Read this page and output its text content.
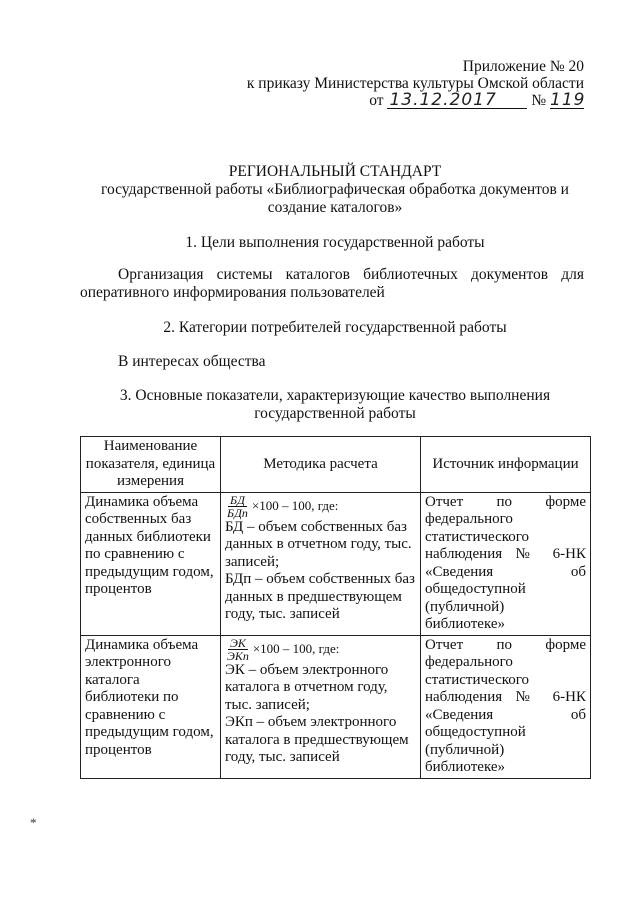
Приложение № 20
к приказу Министерства культуры Омской области
от 13.12.2017 № 119
РЕГИОНАЛЬНЫЙ СТАНДАРТ
государственной работы «Библиографическая обработка документов и
создание каталогов»
1. Цели выполнения государственной работы
Организация системы каталогов библиотечных документов для
оперативного информирования пользователей
2. Категории потребителей государственной работы
В интересах общества
3. Основные показатели, характеризующие качество выполнения
государственной работы
Наименование показателя, единица измерения	Методика расчета	Источник информации
Динамика объема собственных баз данных библиотеки по сравнению с предыдущим годом, процентов	$\frac{БД}{\text{БДп}} \times 100 - 100$, где:
БД – объем собственных баз данных в отчетном году, тыс. записей;
БДп – объем собственных баз данных в предшествующем году, тыс. записей	Отчет по форме федерального статистического наблюдения № 6-НК «Сведения об общедоступной (публичной) библиотеке»
Динамика объема электронного каталога библиотеки по сравнению с предыдущим годом, процентов	$\frac{ЭК}{\text{ЭКп}} \times 100 - 100$, где:
ЭК – объем электронного каталога в отчетном году, тыс. записей;
ЭКп – объем электронного каталога в предшествующем году, тыс. записей	Отчет по форме федерального статистического наблюдения № 6-НК «Сведения об общедоступной (публичной) библиотеке»
*
